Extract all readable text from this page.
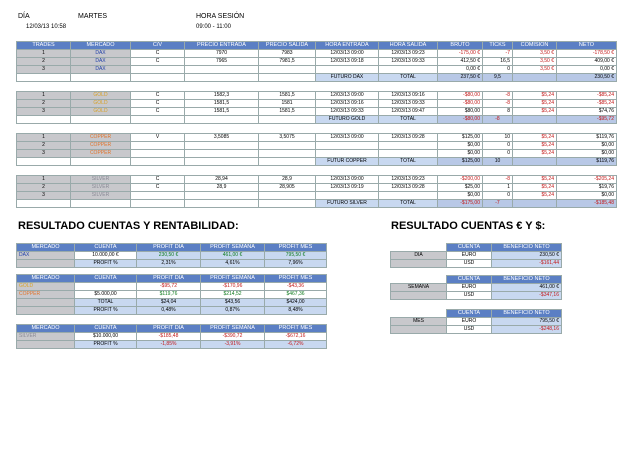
DÍA	MARTES
12/03/13 10:58
HORA SESIÓN
09:00 - 11:00
TRADES	MERCADO	C/V	PRECIO ENTRADA	PRECIO SALIDA	HORA ENTRADA	HORA SALIDA	BRUTO	TICKS	COMISIÓN	NETO
1	DAX	C	7970	7983	12/03/13 09:00	12/03/13 09:23	-175,00 €	-7	3,50 €	-178,50 €
2	DAX	C	7965	7981,5	12/03/13 09:18	12/03/13 09:33	412,50 €	16,5	3,50 €	409,00 €
3	DAX						0,00 €	0	3,50 €	0,00 €
					FUTURO DAX	TOTAL	237,50 €	9,5		230,50 €

1	GOLD	C	1582,3	1581,5	12/03/13 09:00	12/03/13 09:16	-$80,00	-8	$5,24	-$85,24
2	GOLD	C	1581,5	1581	12/03/13 09:16	12/03/13 09:33	-$80,00	-8	$5,24	-$85,24
3	GOLD	C	1581,5	1581,5	12/03/13 09:33	12/03/13 09:47	$80,00	8	$5,24	$74,76
					FUTURO GOLD	TOTAL	-$80,00	-8		-$95,72

1	COPPER	V	3,5085	3,5075	12/03/13 09:00	12/03/13 09:28	$125,00	10	$5,24	$119,76
2	COPPER						$0,00	0	$5,24	$0,00
3	COPPER						$0,00	0	$5,24	$0,00
					FUTUR COPPER	TOTAL	$125,00	10		$119,76

1	SILVER	C	28,94	28,9	12/03/13 09:00	12/03/13 09:23	-$200,00	-8	$5,24	-$205,24
2	SILVER	C	28,9	28,905	12/03/13 09:19	12/03/13 09:28	$25,00	1	$5,24	$19,76
3	SILVER						$0,00	0	$5,24	$0,00
					FUTURO SILVER	TOTAL	-$175,00	-7		-$185,48
RESULTADO CUENTAS Y RENTABILIDAD:	RESULTADO CUENTAS € Y $:
MERCADO	CUENTA	PROFIT DÍA	PROFIT SEMANA	PROFIT MES
DAX	10.000,00 €	230,50 €	461,00 €	795,50 €
	PROFIT %	2,31%	4,61%	7,96%
MERCADO	CUENTA	PROFIT DÍA	PROFIT SEMANA	PROFIT MES
GOLD		-$95,72	-$170,96	-$43,36
COPPER	$5.000,00	$119,76	$214,52	$467,36
	TOTAL	$24,04	$43,56	$424,00
	PROFIT %	0,48%	0,87%	8,48%
MERCADO	CUENTA	PROFIT DÍA	PROFIT SEMANA	PROFIT MES
SILVER	$10.000,00	-$185,48	-$390,72	-$672,16
	PROFIT %	-1,85%	-3,91%	-6,72%
	CUENTA	BENEFICIO NETO
DÍA	EURO	230,50 €
	USD	-$161,44
	CUENTA	BENEFICIO NETO
SEMANA	EURO	461,00 €
	USD	-$347,16
	CUENTA	BENEFICIO NETO
MES	EURO	795,50 €
	USD	-$248,16
